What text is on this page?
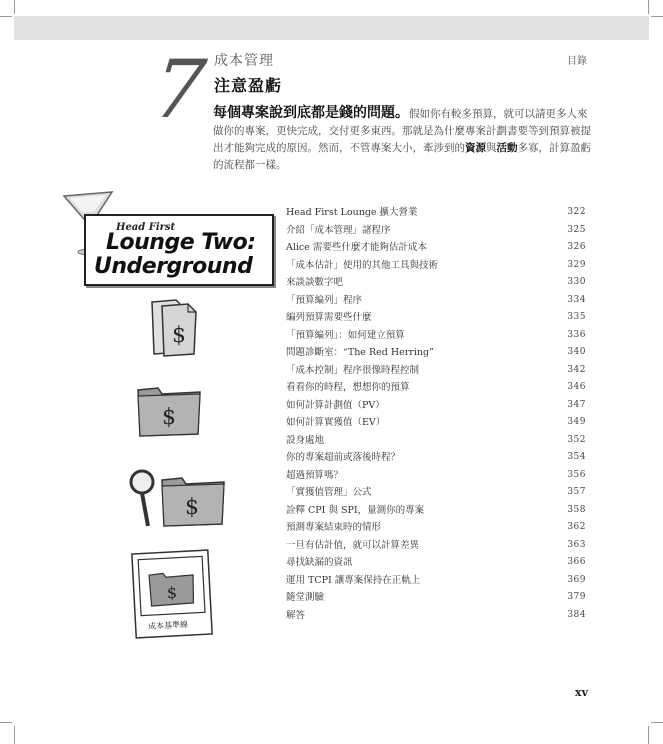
7 成本管理
注意盈虧
目錄
每個專案說到底都是錢的問題。假如你有較多預算，就可以請更多人來做你的專案，更快完成，交付更多東西。那就是為什麼專案計劃書要等到預算被提出才能夠完成的原因。然而，不管專案大小，牽涉到的資源與活動多寡，計算盈虧的流程都一樣。
Head First
Lounge Two:
Underground
$
$
$
$
成本基準線
Head First Lounge 擴大營業	322
介紹「成本管理」諸程序	325
Alice 需要些什麼才能夠估計成本	326
「成本估計」使用的其他工具與技術	329
來談談數字吧	330
「預算編列」程序	334
編列預算需要些什麼	335
「預算編列」：如何建立預算	336
問題診斷室：“The Red Herring”	340
「成本控制」程序很像時程控制	342
看看你的時程，想想你的預算	346
如何計算計劃值（PV）	347
如何計算實獲值（EV）	349
設身處地	352
你的專案超前或落後時程？	354
超過預算嗎？	356
「實獲值管理」公式	357
詮釋 CPI 與 SPI，量測你的專案	358
預測專案結束時的情形	362
一旦有估計值，就可以計算差異	363
尋找缺漏的資訊	366
運用 TCPI 讓專案保持在正軌上	369
隨堂測驗	379
解答	384
xv
